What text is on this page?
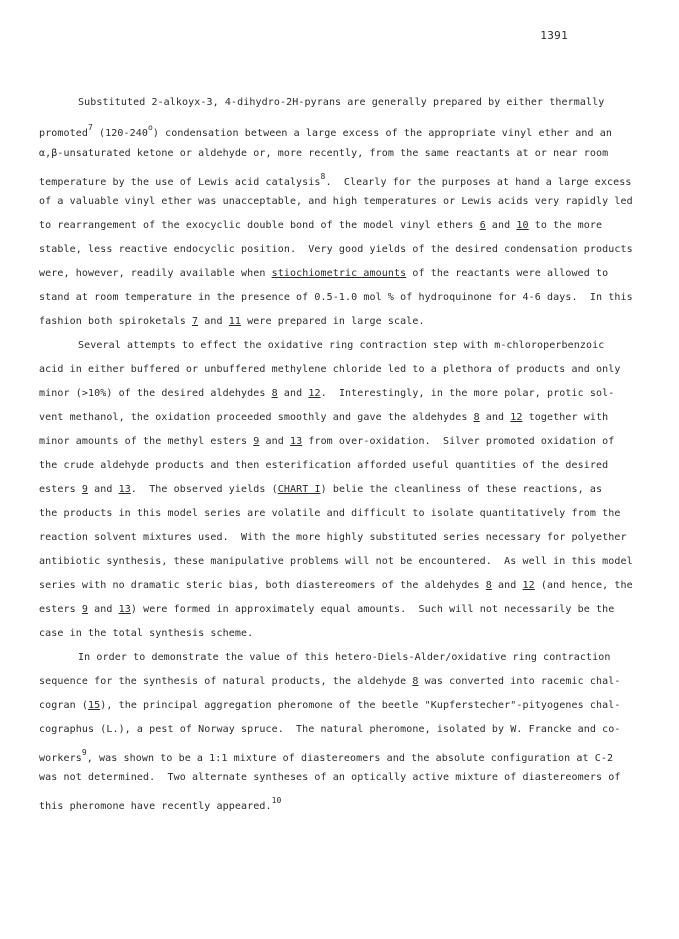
1391
Substituted 2-alkoyx-3, 4-dihydro-2H-pyrans are generally prepared by either thermally
promoted$^7$ (120-240$^o$) condensation between a large excess of the appropriate vinyl ether and an
α,β-unsaturated ketone or aldehyde or, more recently, from the same reactants at or near room
temperature by the use of Lewis acid catalysis$^8$.  Clearly for the purposes at hand a large excess
of a valuable vinyl ether was unacceptable, and high temperatures or Lewis acids very rapidly led
to rearrangement of the exocyclic double bond of the model vinyl ethers 6 and 10 to the more
stable, less reactive endocyclic position.  Very good yields of the desired condensation products
were, however, readily available when stiochiometric amounts of the reactants were allowed to
stand at room temperature in the presence of 0.5-1.0 mol % of hydroquinone for 4-6 days.  In this
fashion both spiroketals 7 and 11 were prepared in large scale.
Several attempts to effect the oxidative ring contraction step with m-chloroperbenzoic
acid in either buffered or unbuffered methylene chloride led to a plethora of products and only
minor (>10%) of the desired aldehydes 8 and 12.  Interestingly, in the more polar, protic sol-
vent methanol, the oxidation proceeded smoothly and gave the aldehydes 8 and 12 together with
minor amounts of the methyl esters 9 and 13 from over-oxidation.  Silver promoted oxidation of
the crude aldehyde products and then esterification afforded useful quantities of the desired
esters 9 and 13.  The observed yields (CHART I) belie the cleanliness of these reactions, as
the products in this model series are volatile and difficult to isolate quantitatively from the
reaction solvent mixtures used.  With the more highly substituted series necessary for polyether
antibiotic synthesis, these manipulative problems will not be encountered.  As well in this model
series with no dramatic steric bias, both diastereomers of the aldehydes 8 and 12 (and hence, the
esters 9 and 13) were formed in approximately equal amounts.  Such will not necessarily be the
case in the total synthesis scheme.
In order to demonstrate the value of this hetero-Diels-Alder/oxidative ring contraction
sequence for the synthesis of natural products, the aldehyde 8 was converted into racemic chal-
cogran (15), the principal aggregation pheromone of the beetle "Kupferstecher"-pityogenes chal-
cographus (L.), a pest of Norway spruce.  The natural pheromone, isolated by W. Francke and co-
workers$^9$, was shown to be a 1:1 mixture of diastereomers and the absolute configuration at C-2
was not determined.  Two alternate syntheses of an optically active mixture of diastereomers of
this pheromone have recently appeared.$^{10}$
